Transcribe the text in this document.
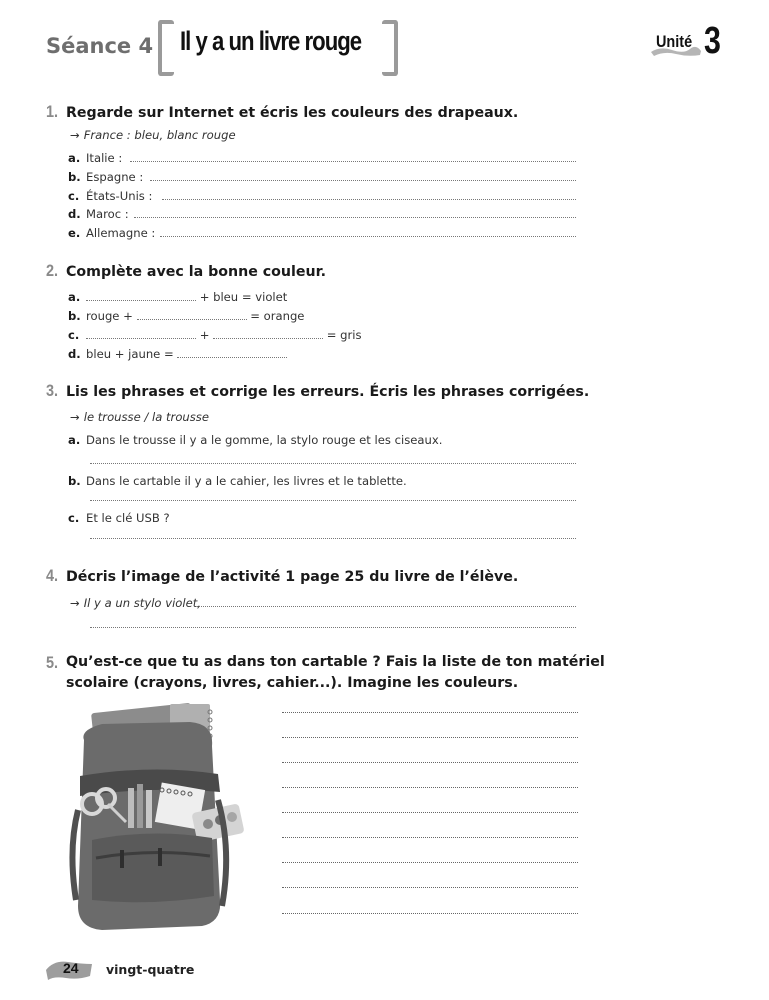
Séance 4 Il y a un livre rouge	Unité 3
1. Regarde sur Internet et écris les couleurs des drapeaux.
→ France : bleu, blanc rouge
a. Italie :
b. Espagne :
c. États-Unis :
d. Maroc :
e. Allemagne :
2. Complète avec la bonne couleur.
a.	+ bleu = violet
b. rouge +	= orange
c.	+	= gris
d. bleu + jaune =
3. Lis les phrases et corrige les erreurs. Écris les phrases corrigées.
→ le trousse / la trousse
a. Dans le trousse il y a le gomme, la stylo rouge et les ciseaux.
b. Dans le cartable il y a le cahier, les livres et le tablette.
c. Et le clé USB ?
4. Décris l’image de l’activité 1 page 25 du livre de l’élève.
→ Il y a un stylo violet,
5. Qu’est-ce que tu as dans ton cartable ? Fais la liste de ton matériel scolaire (crayons, livres, cahier...). Imagine les couleurs.
24 vingt-quatre
